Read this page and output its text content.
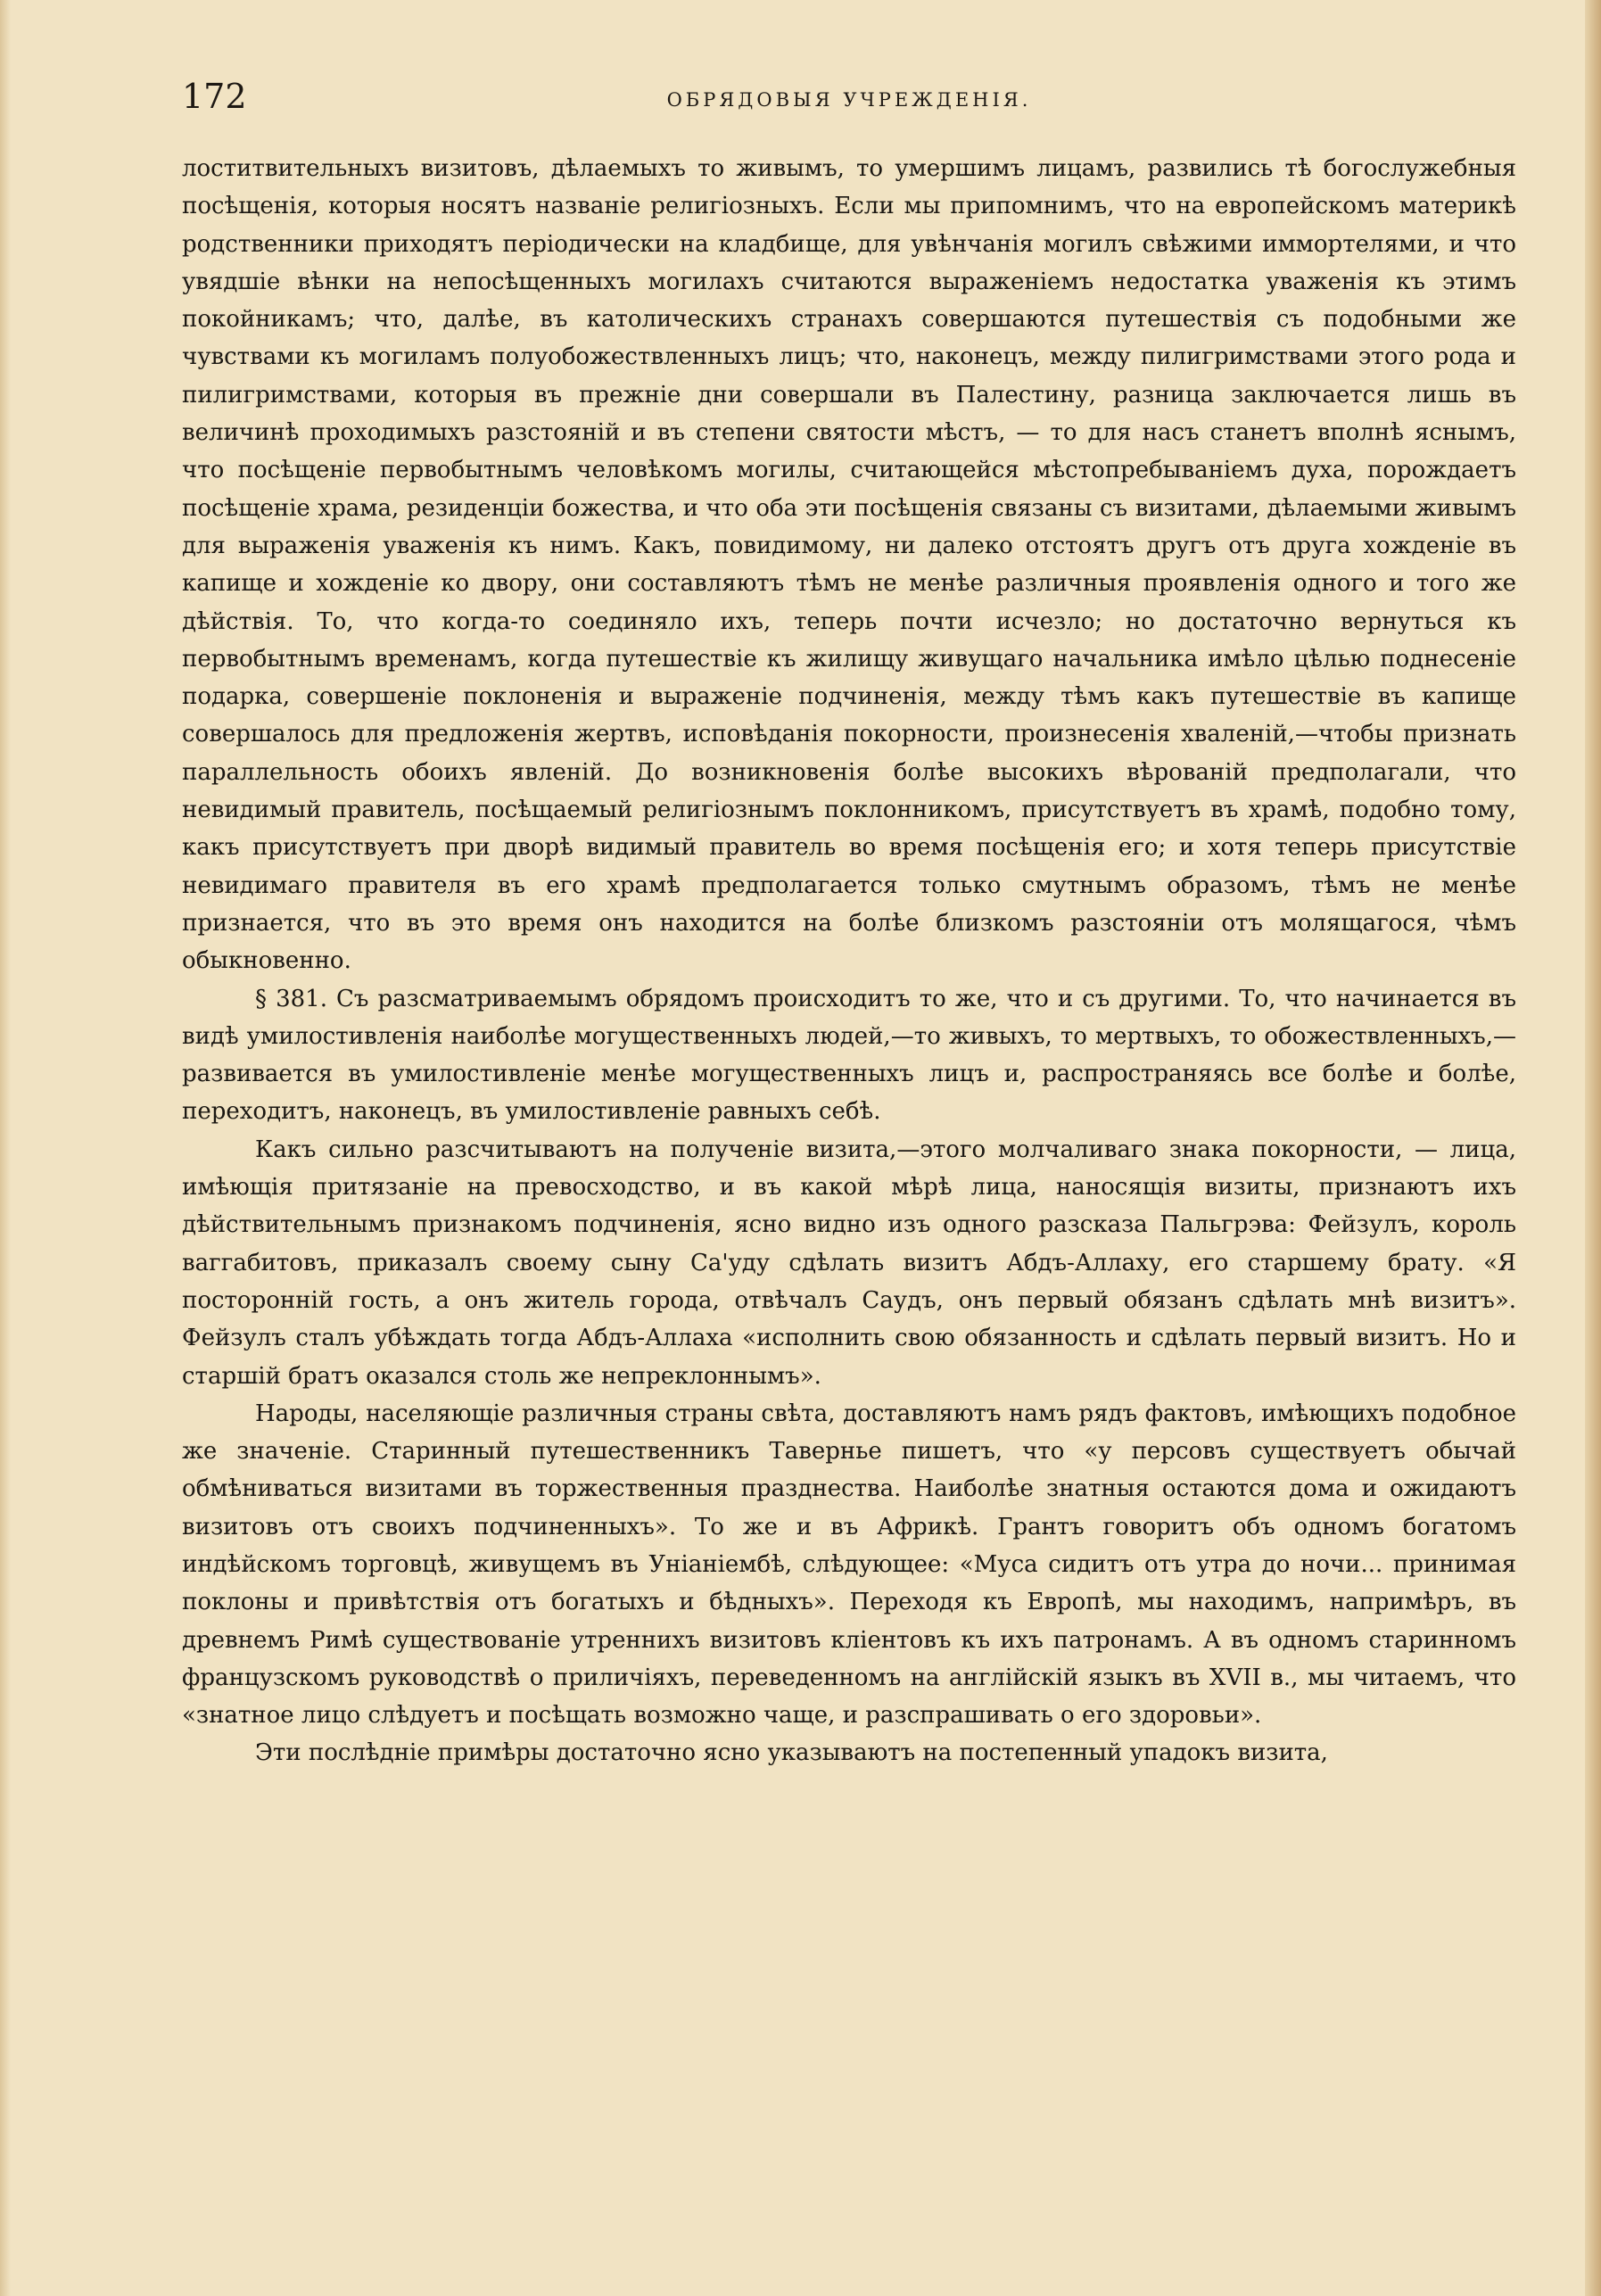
172	ОБРЯДОВЫЯ УЧРЕЖДЕНІЯ.

лоститвительныхъ визитовъ, дѣлаемыхъ то живымъ, то умершимъ лицамъ, развились тѣ богослужебныя посѣщенія, которыя носятъ названіе религіозныхъ. Если мы припомнимъ, что на европейскомъ материкѣ родственники приходятъ періодически на кладбище, для увѣнчанія могилъ свѣжими иммортелями, и что увядшіе вѣнки на непосѣщенныхъ могилахъ считаются выраженіемъ недостатка уваженія къ этимъ покойникамъ; что, далѣе, въ католическихъ странахъ совершаются путешествія съ подобными же чувствами къ могиламъ полуобожествленныхъ лицъ; что, наконецъ, между пилигримствами этого рода и пилигримствами, которыя въ прежніе дни совершали въ Палестину, разница заключается лишь въ величинѣ проходимыхъ разстояній и въ степени святости мѣстъ, — то для насъ станетъ вполнѣ яснымъ, что посѣщеніе первобытнымъ человѣкомъ могилы, считающейся мѣстопребываніемъ духа, порождаетъ посѣщеніе храма, резиденціи божества, и что оба эти посѣщенія связаны съ визитами, дѣлаемыми живымъ для выраженія уваженія къ нимъ. Какъ, повидимому, ни далеко отстоятъ другъ отъ друга хожденіе въ капище и хожденіе ко двору, они составляютъ тѣмъ не менѣе различныя проявленія одного и того же дѣйствія. То, что когда-то соединяло ихъ, теперь почти исчезло; но достаточно вернуться къ первобытнымъ временамъ, когда путешествіе къ жилищу живущаго начальника имѣло цѣлью поднесеніе подарка, совершеніе поклоненія и выраженіе подчиненія, между тѣмъ какъ путешествіе въ капище совершалось для предложенія жертвъ, исповѣданія покорности, произнесенія хваленій,—чтобы признать параллельность обоихъ явленій. До возникновенія болѣе высокихъ вѣрованій предполагали, что невидимый правитель, посѣщаемый религіознымъ поклонникомъ, присутствуетъ въ храмѣ, подобно тому, какъ присутствуетъ при дворѣ видимый правитель во время посѣщенія его; и хотя теперь присутствіе невидимаго правителя въ его храмѣ предполагается только смутнымъ образомъ, тѣмъ не менѣе признается, что въ это время онъ находится на болѣе близкомъ разстояніи отъ молящагося, чѣмъ обыкновенно.

§ 381. Съ разсматриваемымъ обрядомъ происходитъ то же, что и съ другими. То, что начинается въ видѣ умилостивленія наиболѣе могущественныхъ людей,—то живыхъ, то мертвыхъ, то обожествленныхъ,—развивается въ умилостивленіе менѣе могущественныхъ лицъ и, распространяясь все болѣе и болѣе, переходитъ, наконецъ, въ умилостивленіе равныхъ себѣ.

Какъ сильно разсчитываютъ на полученіе визита,—этого молчаливаго знака покорности, — лица, имѣющія притязаніе на превосходство, и въ какой мѣрѣ лица, наносящія визиты, признаютъ ихъ дѣйствительнымъ признакомъ подчиненія, ясно видно изъ одного разсказа Пальгрэва: Фейзулъ, король ваггабитовъ, приказалъ своему сыну Са'уду сдѣлать визитъ Абдъ-Аллаху, его старшему брату. «Я посторонній гость, а онъ житель города, отвѣчалъ Саудъ, онъ первый обязанъ сдѣлать мнѣ визитъ». Фейзулъ сталъ убѣждать тогда Абдъ-Аллаха «исполнить свою обязанность и сдѣлать первый визитъ. Но и старшій братъ оказался столь же непреклоннымъ».

Народы, населяющіе различныя страны свѣта, доставляютъ намъ рядъ фактовъ, имѣющихъ подобное же значеніе. Старинный путешественникъ Тавернье пишетъ, что «у персовъ существуетъ обычай обмѣниваться визитами въ торжественныя празднества. Наиболѣе знатныя остаются дома и ожидаютъ визитовъ отъ своихъ подчиненныхъ». То же и въ Африкѣ. Грантъ говоритъ объ одномъ богатомъ индѣйскомъ торговцѣ, живущемъ въ Уніаніембѣ, слѣдующее: «Муса сидитъ отъ утра до ночи... принимая поклоны и привѣтствія отъ богатыхъ и бѣдныхъ». Переходя къ Европѣ, мы находимъ, напримѣръ, въ древнемъ Римѣ существованіе утреннихъ визитовъ кліентовъ къ ихъ патронамъ. А въ одномъ старинномъ французскомъ руководствѣ о приличіяхъ, переведенномъ на англійскій языкъ въ XVII в., мы читаемъ, что «знатное лицо слѣдуетъ и посѣщать возможно чаще, и разспрашивать о его здоровьи».

Эти послѣдніе примѣры достаточно ясно указываютъ на постепенный упадокъ визита,
